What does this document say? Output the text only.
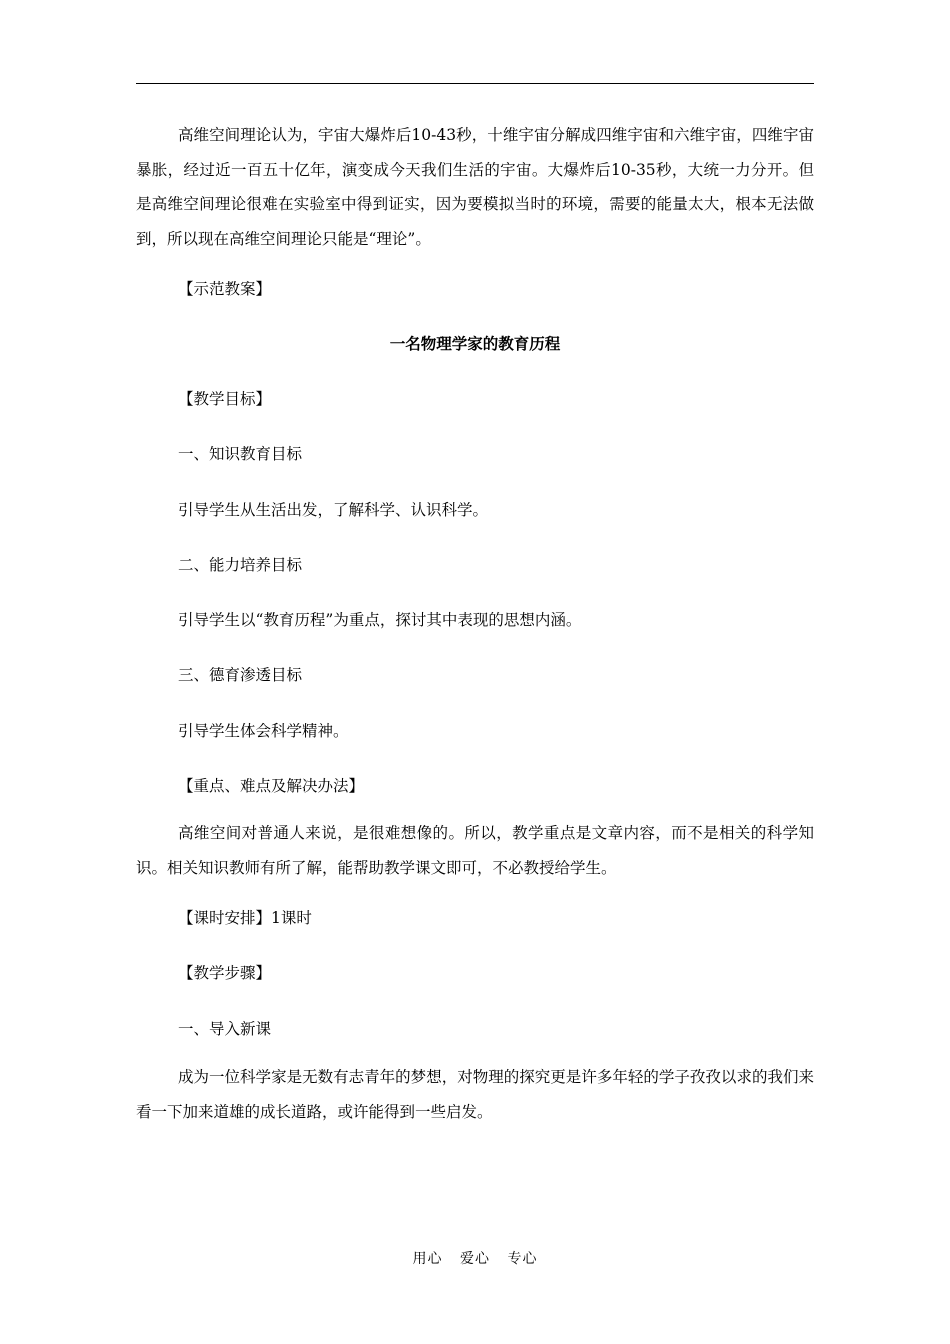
高维空间理论认为，宇宙大爆炸后10-43秒，十维宇宙分解成四维宇宙和六维宇宙，四维宇宙暴胀，经过近一百五十亿年，演变成今天我们生活的宇宙。大爆炸后10-35秒，大统一力分开。但是高维空间理论很难在实验室中得到证实，因为要模拟当时的环境，需要的能量太大，根本无法做到，所以现在高维空间理论只能是“理论”。

【示范教案】

一名物理学家的教育历程

【教学目标】

一、知识教育目标

引导学生从生活出发，了解科学、认识科学。

二、能力培养目标

引导学生以“教育历程”为重点，探讨其中表现的思想内涵。

三、德育渗透目标

引导学生体会科学精神。

【重点、难点及解决办法】

高维空间对普通人来说，是很难想像的。所以，教学重点是文章内容，而不是相关的科学知识。相关知识教师有所了解，能帮助教学课文即可，不必教授给学生。

【课时安排】1课时

【教学步骤】

一、导入新课

成为一位科学家是无数有志青年的梦想，对物理的探究更是许多年轻的学子孜孜以求的我们来看一下加来道雄的成长道路，或许能得到一些启发。

用心 爱心 专心
